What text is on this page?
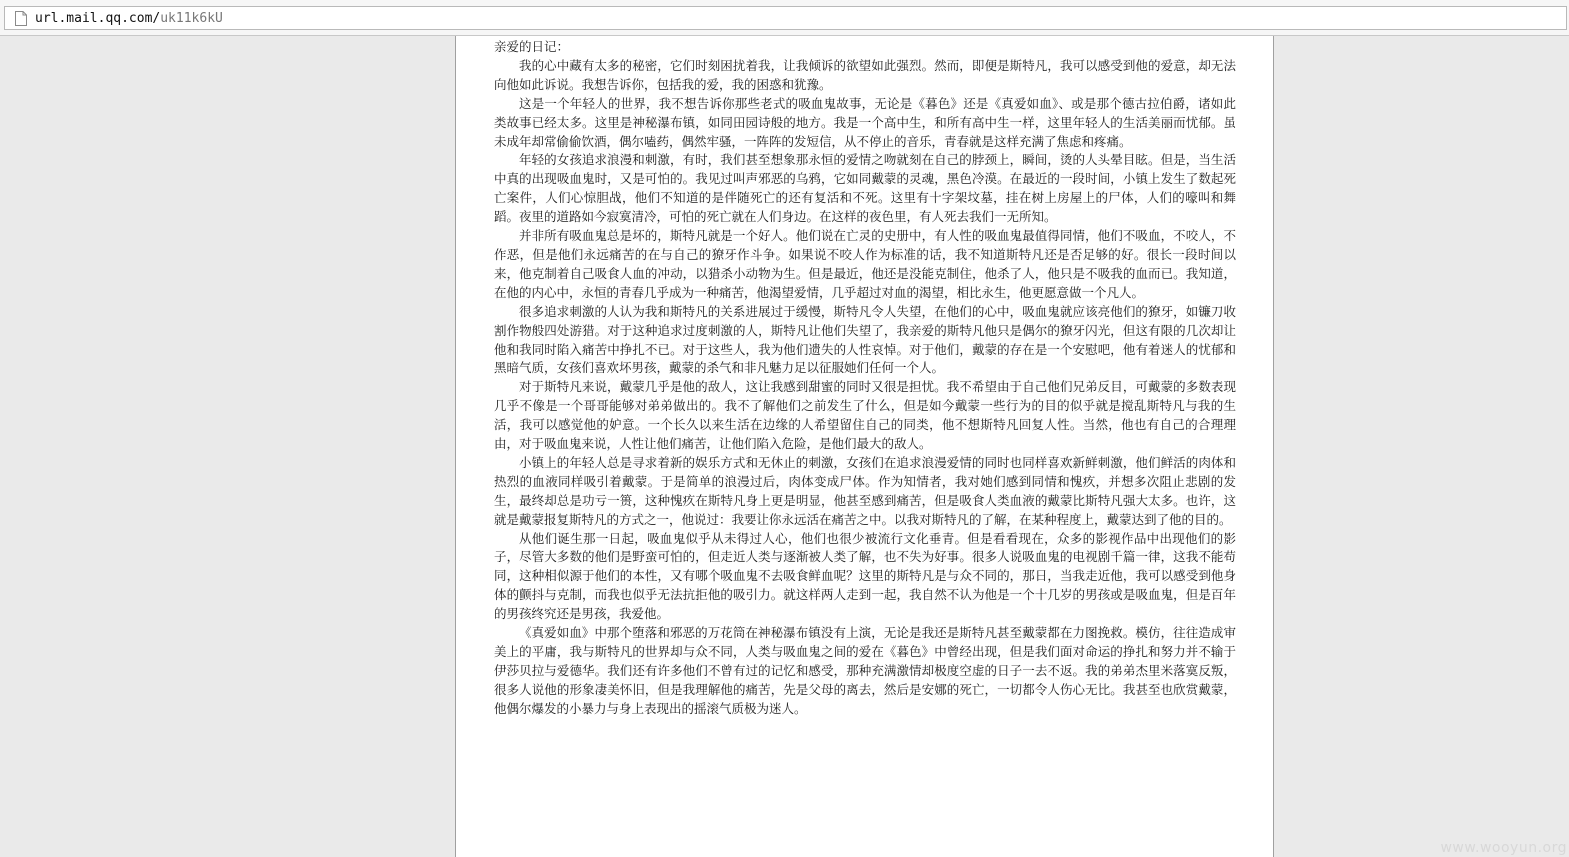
url.mail.qq.com/uk11k6kU

亲爱的日记：

我的心中藏有太多的秘密，它们时刻困扰着我，让我倾诉的欲望如此强烈。然而，即便是斯特凡，我可以感受到他的爱意，却无法向他如此诉说。我想告诉你，包括我的爱，我的困惑和犹豫。

这是一个年轻人的世界，我不想告诉你那些老式的吸血鬼故事，无论是《暮色》还是《真爱如血》、或是那个德古拉伯爵，诸如此类故事已经太多。这里是神秘瀑布镇，如同田园诗般的地方。我是一个高中生，和所有高中生一样，这里年轻人的生活美丽而忧郁。虽未成年却常偷偷饮酒，偶尔嗑药，偶然牢骚，一阵阵的发短信，从不停止的音乐，青春就是这样充满了焦虑和疼痛。

年轻的女孩追求浪漫和刺激，有时，我们甚至想象那永恒的爱情之吻就刻在自己的脖颈上，瞬间，烫的人头晕目眩。但是，当生活中真的出现吸血鬼时，又是可怕的。我见过叫声邪恶的乌鸦，它如同戴蒙的灵魂，黑色冷漠。在最近的一段时间，小镇上发生了数起死亡案件，人们心惊胆战，他们不知道的是伴随死亡的还有复活和不死。这里有十字架坟墓，挂在树上房屋上的尸体，人们的嚎叫和舞蹈。夜里的道路如今寂寞清冷，可怕的死亡就在人们身边。在这样的夜色里，有人死去我们一无所知。

并非所有吸血鬼总是坏的，斯特凡就是一个好人。他们说在亡灵的史册中，有人性的吸血鬼最值得同情，他们不吸血，不咬人，不作恶，但是他们永远痛苦的在与自己的獠牙作斗争。如果说不咬人作为标准的话，我不知道斯特凡还是否足够的好。很长一段时间以来，他克制着自己吸食人血的冲动，以猎杀小动物为生。但是最近，他还是没能克制住，他杀了人，他只是不吸我的血而已。我知道，在他的内心中，永恒的青春几乎成为一种痛苦，他渴望爱情，几乎超过对血的渴望，相比永生，他更愿意做一个凡人。

很多追求刺激的人认为我和斯特凡的关系进展过于缓慢，斯特凡令人失望，在他们的心中，吸血鬼就应该亮他们的獠牙，如镰刀收割作物般四处游猎。对于这种追求过度刺激的人，斯特凡让他们失望了，我亲爱的斯特凡他只是偶尔的獠牙闪光，但这有限的几次却让他和我同时陷入痛苦中挣扎不已。对于这些人，我为他们遗失的人性哀悼。对于他们，戴蒙的存在是一个安慰吧，他有着迷人的忧郁和黑暗气质，女孩们喜欢坏男孩，戴蒙的杀气和非凡魅力足以征服她们任何一个人。

对于斯特凡来说，戴蒙几乎是他的敌人，这让我感到甜蜜的同时又很是担忧。我不希望由于自己他们兄弟反目，可戴蒙的多数表现几乎不像是一个哥哥能够对弟弟做出的。我不了解他们之前发生了什么，但是如今戴蒙一些行为的目的似乎就是搅乱斯特凡与我的生活，我可以感觉他的妒意。一个长久以来生活在边缘的人希望留住自己的同类，他不想斯特凡回复人性。当然，他也有自己的合理理由，对于吸血鬼来说，人性让他们痛苦，让他们陷入危险，是他们最大的敌人。

小镇上的年轻人总是寻求着新的娱乐方式和无休止的刺激，女孩们在追求浪漫爱情的同时也同样喜欢新鲜刺激，他们鲜活的肉体和热烈的血液同样吸引着戴蒙。于是简单的浪漫过后，肉体变成尸体。作为知情者，我对她们感到同情和愧疚，并想多次阻止悲剧的发生，最终却总是功亏一篑，这种愧疚在斯特凡身上更是明显，他甚至感到痛苦，但是吸食人类血液的戴蒙比斯特凡强大太多。也许，这就是戴蒙报复斯特凡的方式之一，他说过：我要让你永远活在痛苦之中。以我对斯特凡的了解，在某种程度上，戴蒙达到了他的目的。

从他们诞生那一日起，吸血鬼似乎从未得过人心，他们也很少被流行文化垂青。但是看看现在，众多的影视作品中出现他们的影子，尽管大多数的他们是野蛮可怕的，但走近人类与逐渐被人类了解，也不失为好事。很多人说吸血鬼的电视剧千篇一律，这我不能苟同，这种相似源于他们的本性，又有哪个吸血鬼不去吸食鲜血呢？这里的斯特凡是与众不同的，那日，当我走近他，我可以感受到他身体的颤抖与克制，而我也似乎无法抗拒他的吸引力。就这样两人走到一起，我自然不认为他是一个十几岁的男孩或是吸血鬼，但是百年的男孩终究还是男孩，我爱他。

《真爱如血》中那个堕落和邪恶的万花筒在神秘瀑布镇没有上演，无论是我还是斯特凡甚至戴蒙都在力图挽救。模仿，往往造成审美上的平庸，我与斯特凡的世界却与众不同，人类与吸血鬼之间的爱在《暮色》中曾经出现，但是我们面对命运的挣扎和努力并不输于伊莎贝拉与爱德华。我们还有许多他们不曾有过的记忆和感受，那种充满激情却极度空虚的日子一去不返。我的弟弟杰里米落寞反叛，很多人说他的形象凄美怀旧，但是我理解他的痛苦，先是父母的离去，然后是安娜的死亡，一切都令人伤心无比。我甚至也欣赏戴蒙，他偶尔爆发的小暴力与身上表现出的摇滚气质极为迷人。

www.wooyun.org
